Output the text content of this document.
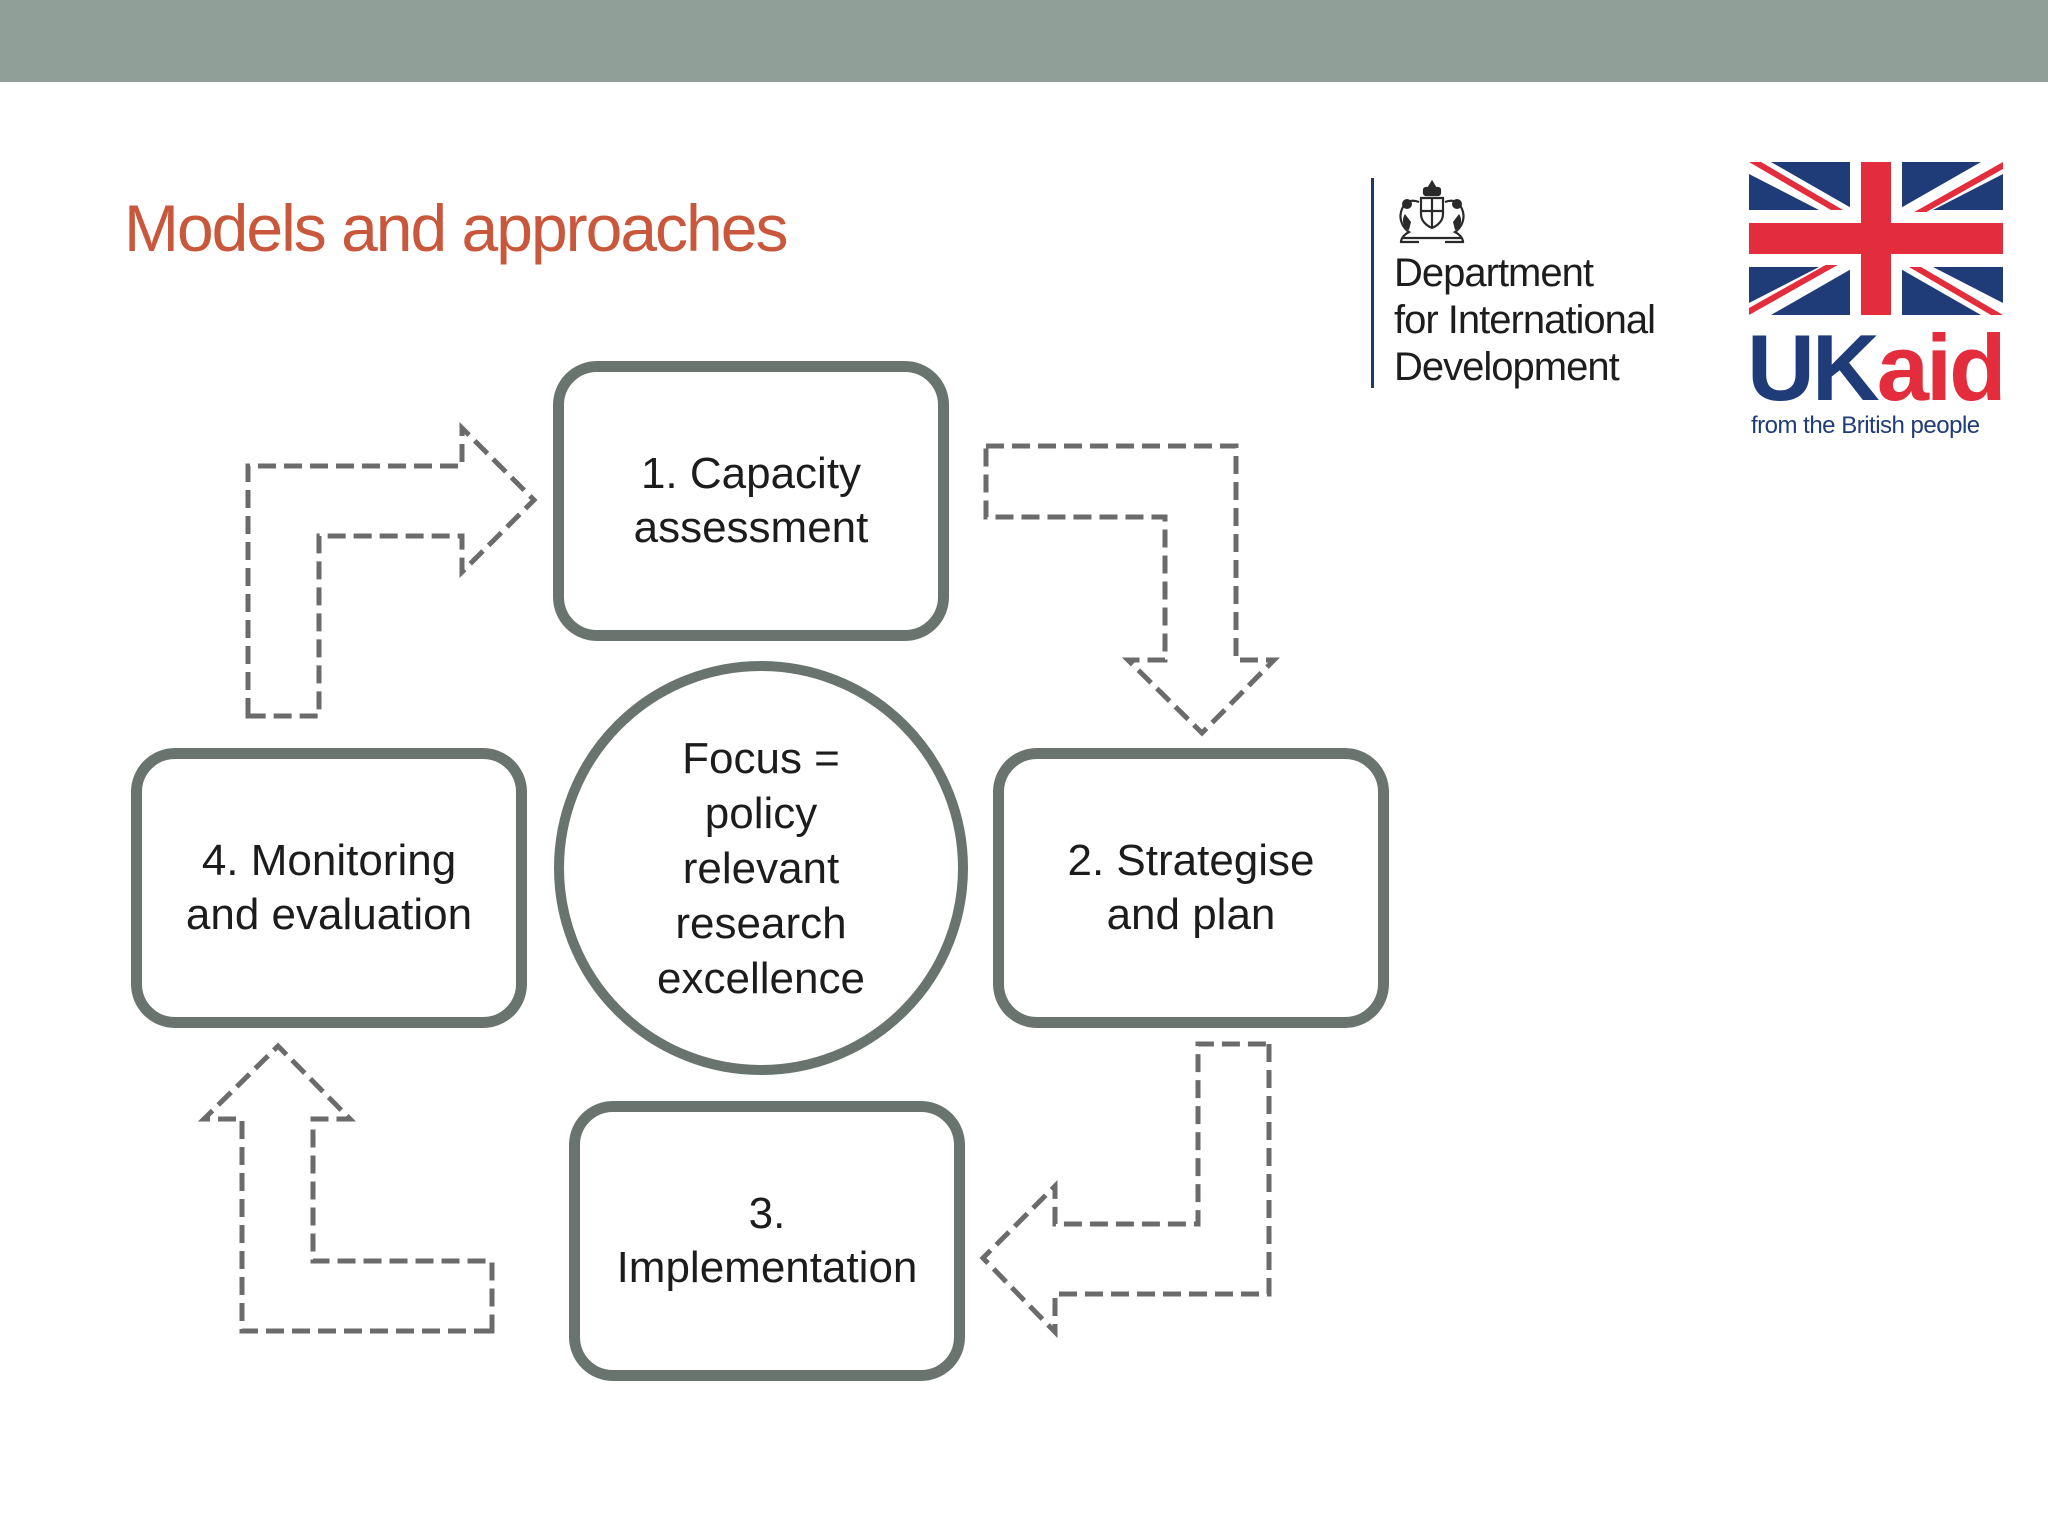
Models and approaches
1. Capacity
assessment
2. Strategise
and plan
3.
Implementation
4. Monitoring
and evaluation
Focus =
policy
relevant
research
excellence
Department
for International
Development	UKaid
from the British people
